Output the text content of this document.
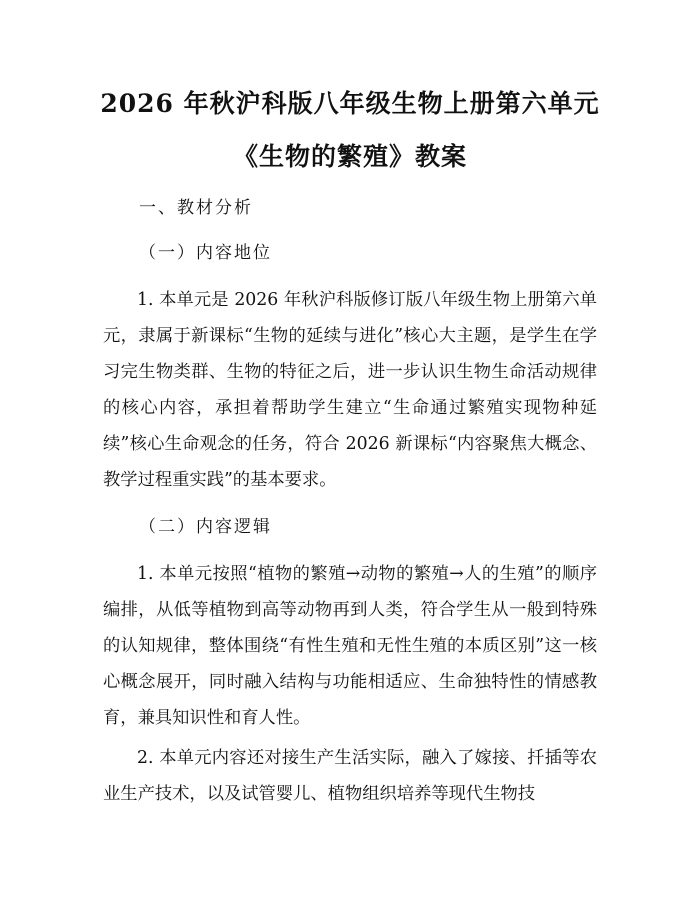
2026 年秋沪科版八年级生物上册第六单元
《生物的繁殖》教案
一、教材分析
（一）内容地位
1. 本单元是 2026 年秋沪科版修订版八年级生物上册第六单元，隶属于新课标“生物的延续与进化”核心大主题，是学生在学习完生物类群、生物的特征之后，进一步认识生物生命活动规律的核心内容，承担着帮助学生建立“生命通过繁殖实现物种延续”核心生命观念的任务，符合 2026 新课标“内容聚焦大概念、教学过程重实践”的基本要求。
（二）内容逻辑
1. 本单元按照“植物的繁殖→动物的繁殖→人的生殖”的顺序编排，从低等植物到高等动物再到人类，符合学生从一般到特殊的认知规律，整体围绕“有性生殖和无性生殖的本质区别”这一核心概念展开，同时融入结构与功能相适应、生命独特性的情感教育，兼具知识性和育人性。
2. 本单元内容还对接生产生活实际，融入了嫁接、扦插等农业生产技术，以及试管婴儿、植物组织培养等现代生物技
